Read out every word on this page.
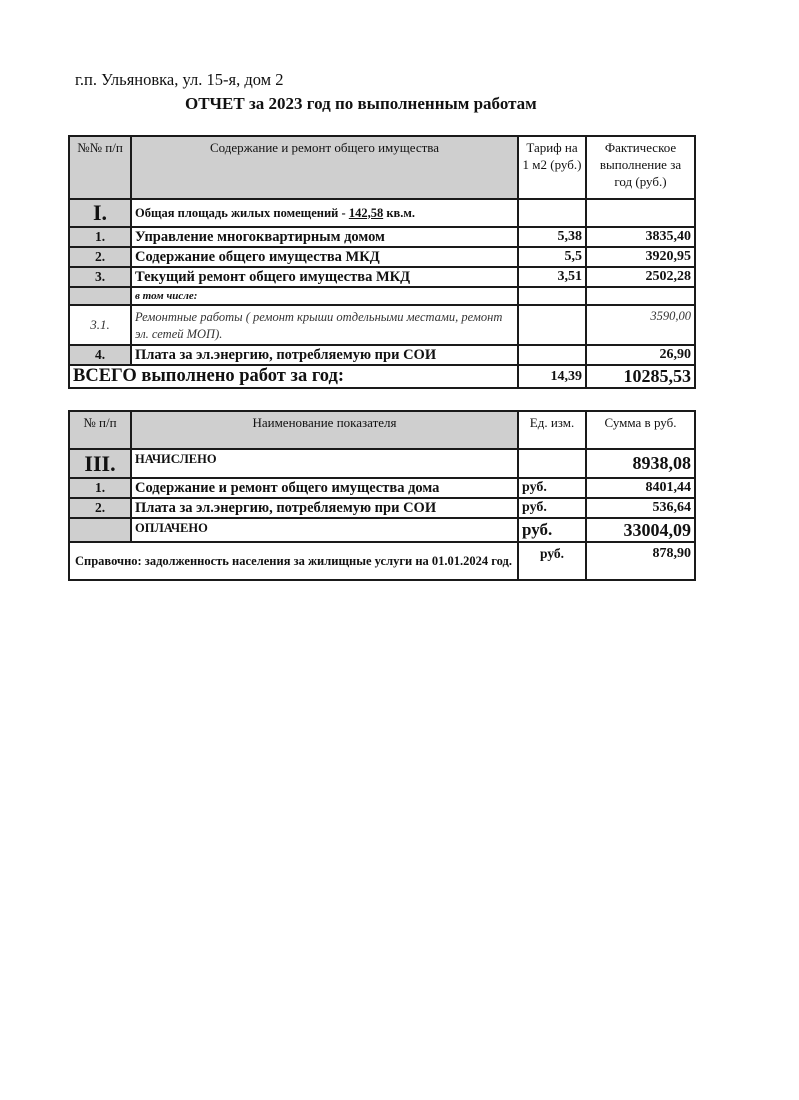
г.п. Ульяновка, ул. 15-я, дом 2
ОТЧЕТ за 2023 год по выполненным работам
№№ п/п	Содержание и ремонт общего имущества	Тариф на 1 м2 (руб.)	Фактическое выполнение за год (руб.)
I.	Общая площадь жилых помещений - 142,58 кв.м.		
1.	Управление многоквартирным домом	5,38	3835,40
2.	Содержание общего имущества МКД	5,5	3920,95
3.	Текущий ремонт общего имущества МКД	3,51	2502,28
	в том числе:		
3.1.	Ремонтные работы ( ремонт крыши отдельными местами, ремонт эл. сетей МОП).		3590,00
4.	Плата за эл.энергию, потребляемую при СОИ		26,90
ВСЕГО выполнено работ за год:		14,39	10285,53
№ п/п	Наименование показателя	Ед. изм.	Сумма в руб.
III.	НАЧИСЛЕНО		8938,08
1.	Содержание и ремонт общего имущества дома	руб.	8401,44
2.	Плата за эл.энергию, потребляемую при СОИ	руб.	536,64
	ОПЛАЧЕНО	руб.	33004,09
Справочно: задолженность населения за жилищные услуги на 01.01.2024 год.		руб.	878,90
